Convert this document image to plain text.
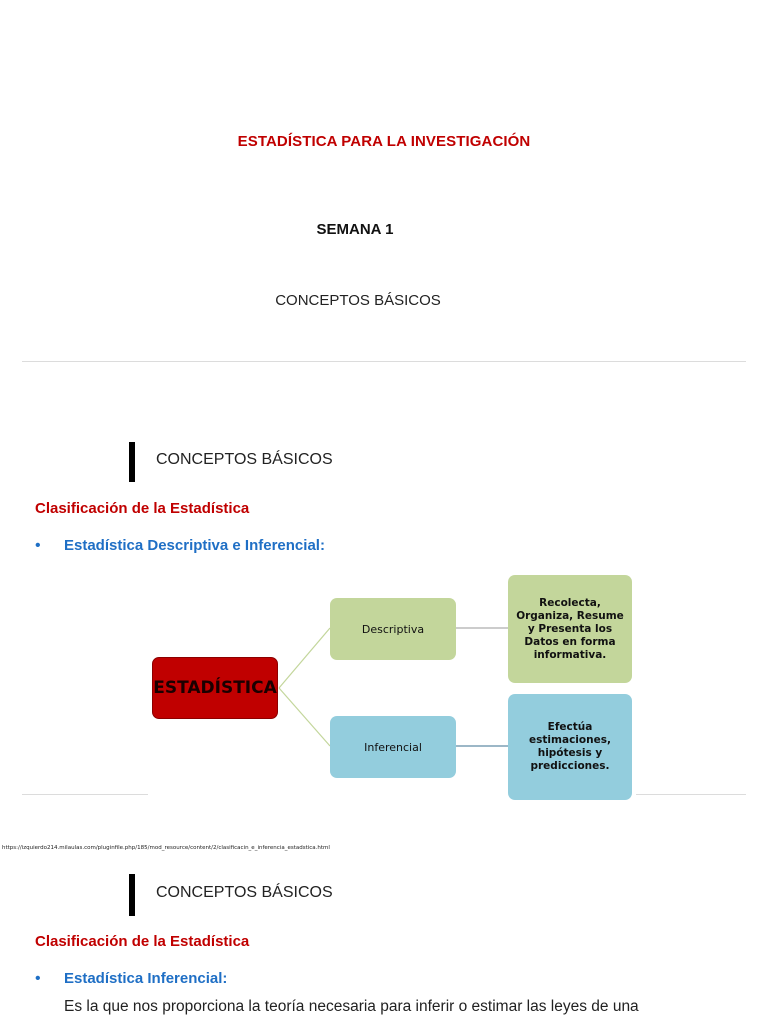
ESTADÍSTICA PARA LA INVESTIGACIÓN
SEMANA 1
CONCEPTOS BÁSICOS
CONCEPTOS BÁSICOS
Clasificación de la Estadística
• Estadística Descriptiva e Inferencial:
ESTADÍSTICA
Descriptiva
Inferencial
Recolecta, Organiza, Resume y Presenta los Datos en forma informativa.
Efectúa estimaciones, hipótesis y predicciones.
https://izquierdo214.milaulas.com/pluginfile.php/185/mod_resource/content/2/clasificacin_e_inferencia_estadstica.html
CONCEPTOS BÁSICOS
Clasificación de la Estadística
• Estadística Inferencial:
Es la que nos proporciona la teoría necesaria para inferir o estimar las leyes de una
